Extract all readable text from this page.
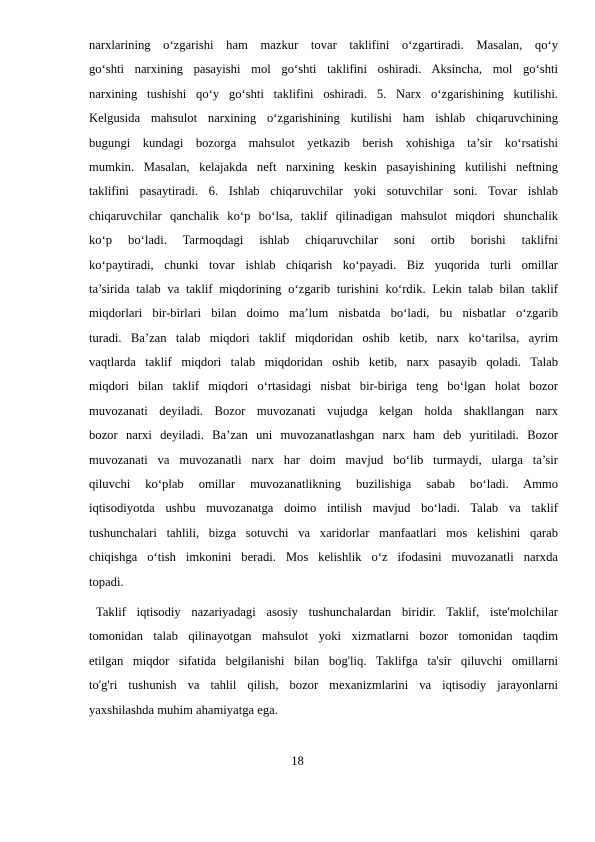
narxlarining o‘zgarishi ham mazkur tovar taklifini o‘zgartiradi. Masalan, qo‘y
go‘shti narxining pasayishi mol go‘shti taklifini oshiradi. Aksincha, mol go‘shti
narxining tushishi qo‘y go‘shti taklifini oshiradi. 5. Narx o‘zgarishining kutilishi.
Kelgusida mahsulot narxining o‘zgarishining kutilishi ham ishlab chiqaruvchining
bugungi kundagi bozorga mahsulot yetkazib berish xohishiga ta’sir ko‘rsatishi
mumkin. Masalan, kelajakda neft narxining keskin pasayishining kutilishi neftning
taklifini pasaytiradi. 6. Ishlab chiqaruvchilar yoki sotuvchilar soni. Tovar ishlab
chiqaruvchilar qanchalik ko‘p bo‘lsa, taklif qilinadigan mahsulot miqdori shunchalik
ko‘p bo‘ladi. Tarmoqdagi ishlab chiqaruvchilar soni ortib borishi taklifni
ko‘paytiradi, chunki tovar ishlab chiqarish ko‘payadi. Biz yuqorida turli omillar
ta’sirida talab va taklif miqdorining o‘zgarib turishini ko‘rdik. Lekin talab bilan taklif
miqdorlari bir-birlari bilan doimo ma’lum nisbatda bo‘ladi, bu nisbatlar o‘zgarib
turadi. Ba’zan talab miqdori taklif miqdoridan oshib ketib, narx ko‘tarilsa, ayrim
vaqtlarda taklif miqdori talab miqdoridan oshib ketib, narx pasayib qoladi. Talab
miqdori bilan taklif miqdori o‘rtasidagi nisbat bir-biriga teng bo‘lgan holat bozor
muvozanati deyiladi. Bozor muvozanati vujudga kelgan holda shakllangan narx
bozor narxi deyiladi. Ba’zan uni muvozanatlashgan narx ham deb yuritiladi. Bozor
muvozanati va muvozanatli narx har doim mavjud bo‘lib turmaydi, ularga ta’sir
qiluvchi ko‘plab omillar muvozanatlikning buzilishiga sabab bo‘ladi. Ammo
iqtisodiyotda ushbu muvozanatga doimo intilish mavjud bo‘ladi. Talab va taklif
tushunchalari tahlili, bizga sotuvchi va xaridorlar manfaatlari mos kelishini qarab
chiqishga o‘tish imkonini beradi. Mos kelishlik o‘z ifodasini muvozanatli narxda
topadi.
Taklif iqtisodiy nazariyadagi asosiy tushunchalardan biridir. Taklif, iste'molchilar
tomonidan talab qilinayotgan mahsulot yoki xizmatlarni bozor tomonidan taqdim
etilgan miqdor sifatida belgilanishi bilan bog'liq. Taklifga ta'sir qiluvchi omillarni
to'g'ri tushunish va tahlil qilish, bozor mexanizmlarini va iqtisodiy jarayonlarni
yaxshilashda muhim ahamiyatga ega.
18
